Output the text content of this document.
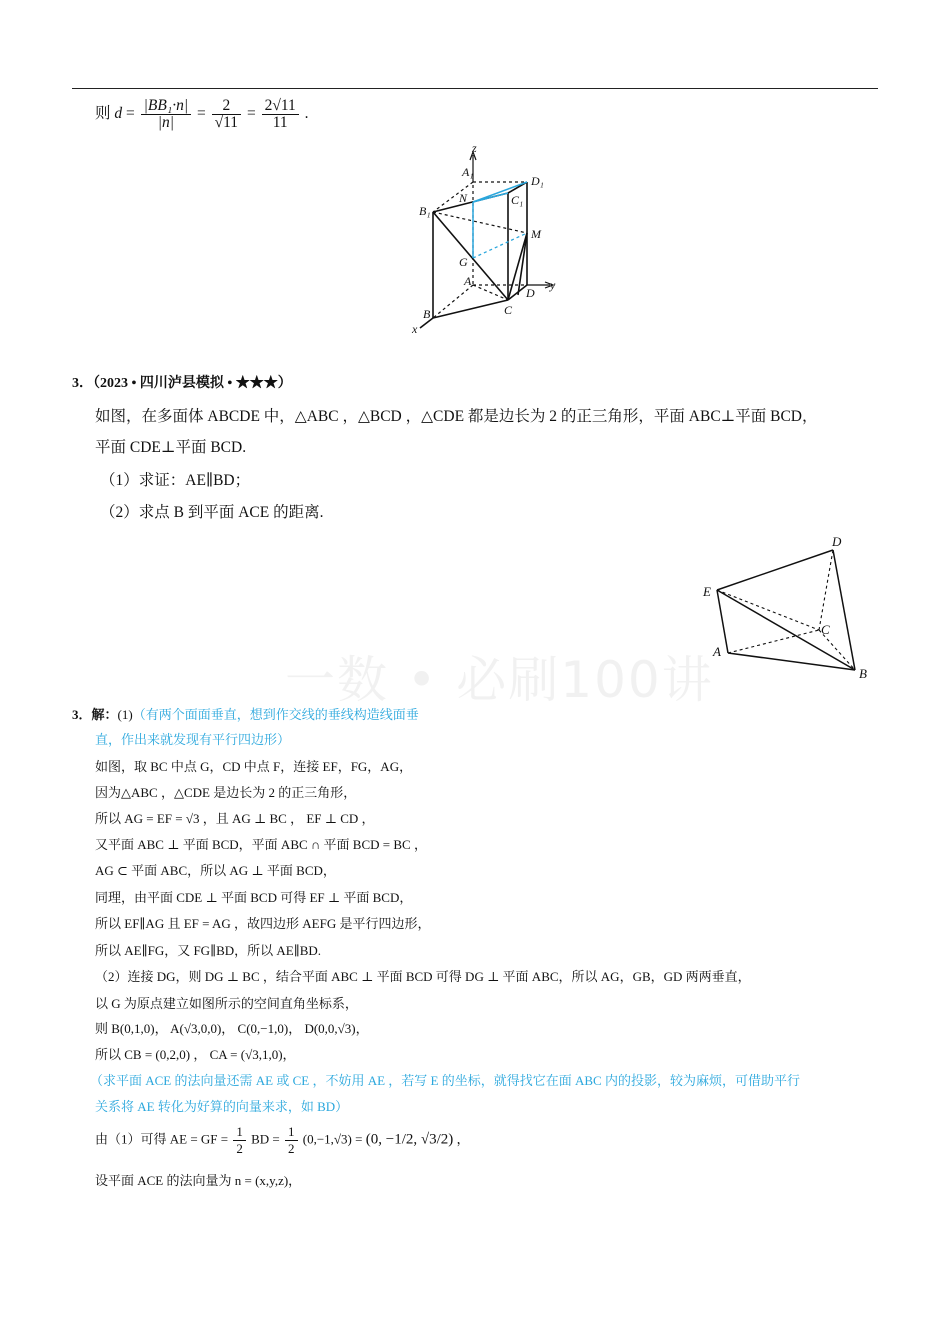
则 $d = \frac{\text{|BB₁·n|}}{|n|} = \frac{2}{√11} = \frac{2√11}{11}$ .
z
A₁
D₁
N	C₁
B₁
M
G
A
D
y
B	C
x
3．（2023 • 四川泸县模拟 • ★★★）
如图，在多面体 ABCDE 中，△ABC ，△BCD ，△CDE 都是边长为 2 的正三角形，平面 ABC⊥平面 BCD，
平面 CDE⊥平面 BCD.
（1）求证：AE∥BD；
（2）求点 B 到平面 ACE 的距离.
D
E
C
A
B
一数 • 必刷100讲
3．解：(1)（有两个面面垂直，想到作交线的垂线构造线面垂
直，作出来就发现有平行四边形）
如图，取 BC 中点 G，CD 中点 F，连接 EF，FG，AG，
因为△ABC ，△CDE 是边长为 2 的正三角形，
所以 AG = EF = √3 ，且 AG ⊥ BC ， EF ⊥ CD ，
又平面 ABC ⊥ 平面 BCD，平面 ABC ∩ 平面 BCD = BC ，
AG ⊂ 平面 ABC，所以 AG ⊥ 平面 BCD，
同理，由平面 CDE ⊥ 平面 BCD 可得 EF ⊥ 平面 BCD，
所以 EF∥AG 且 EF = AG ，故四边形 AEFG 是平行四边形，
所以 AE∥FG，又 FG∥BD，所以 AE∥BD.
（2）连接 DG，则 DG ⊥ BC ，结合平面 ABC ⊥ 平面 BCD 可得 DG ⊥ 平面 ABC，所以 AG，GB，GD 两两垂直，
以 G 为原点建立如图所示的空间直角坐标系，
则 B(0,1,0)， A(√3,0,0)， C(0,−1,0)， D(0,0,√3)，
所以 CB = (0,2,0) ， CA = (√3,1,0)，
（求平面 ACE 的法向量还需 AE 或 CE ，不妨用 AE ，若写 E 的坐标，就得找它在面 ABC 内的投影，较为麻烦，可借助平行
关系将 AE 转化为好算的向量来求，如 BD）
由（1）可得 AE = GF = $\frac{1}{2}$ BD = $\frac{1}{2} (0,-1,√3) = (0$, −1/2, √3/2) ，
设平面 ACE 的法向量为 n = (x,y,z)，
